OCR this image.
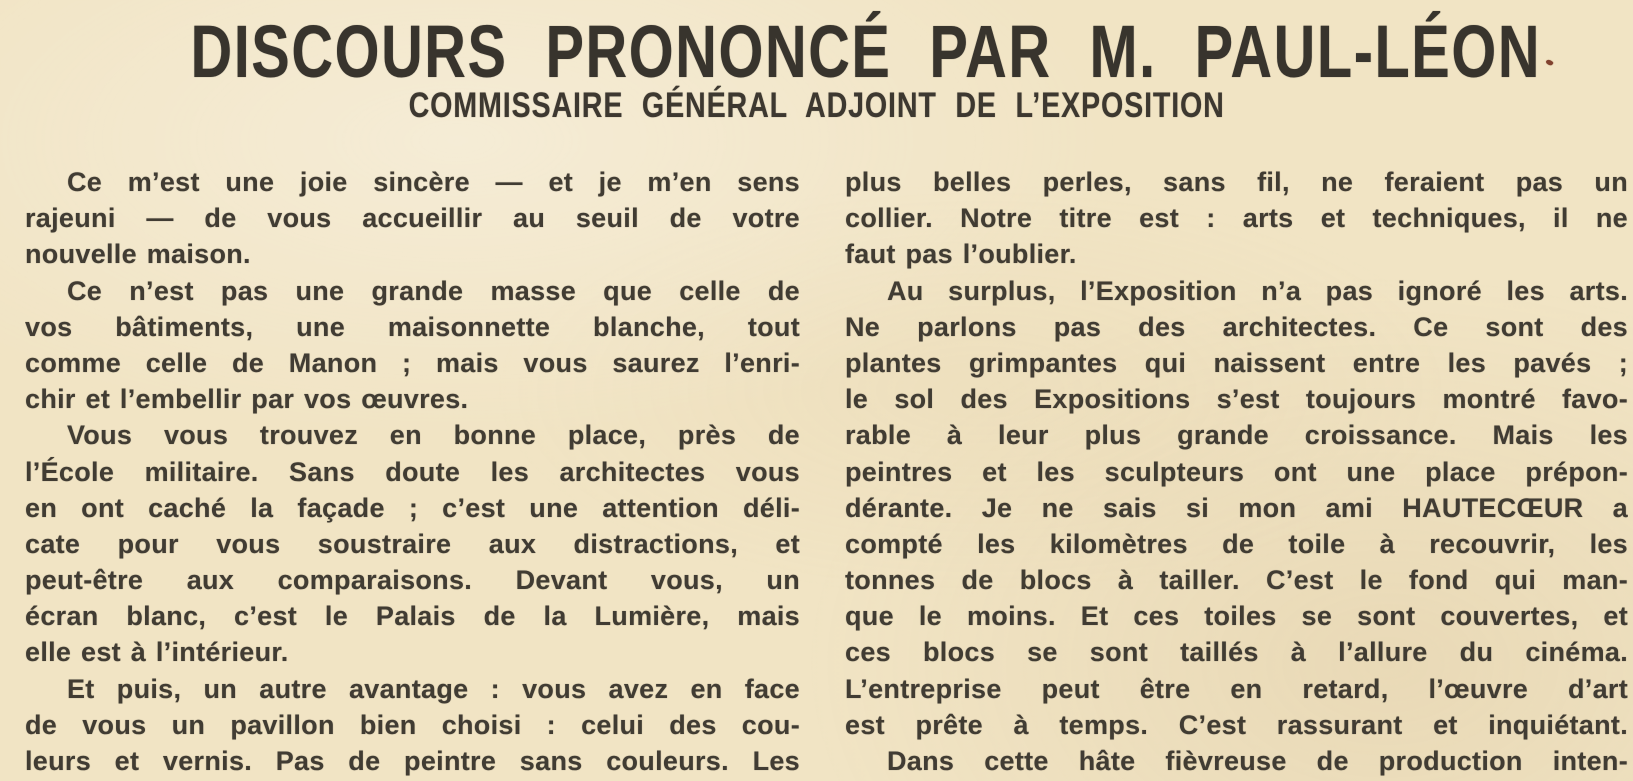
DISCOURS PRONONCÉ PAR M. PAUL-LÉON
COMMISSAIRE GÉNÉRAL ADJOINT DE L’EXPOSITION
Ce m’est une joie sincère — et je m’en sens
rajeuni — de vous accueillir au seuil de votre
nouvelle maison.
Ce n’est pas une grande masse que celle de
vos bâtiments, une maisonnette blanche, tout
comme celle de Manon ; mais vous saurez l’enri-
chir et l’embellir par vos œuvres.
Vous vous trouvez en bonne place, près de
l’École militaire. Sans doute les architectes vous
en ont caché la façade ; c’est une attention déli-
cate pour vous soustraire aux distractions, et
peut-être aux comparaisons. Devant vous, un
écran blanc, c’est le Palais de la Lumière, mais
elle est à l’intérieur.
Et puis, un autre avantage : vous avez en face
de vous un pavillon bien choisi : celui des cou-
leurs et vernis. Pas de peintre sans couleurs. Les
plus belles perles, sans fil, ne feraient pas un
collier. Notre titre est : arts et techniques, il ne
faut pas l’oublier.
Au surplus, l’Exposition n’a pas ignoré les arts.
Ne parlons pas des architectes. Ce sont des
plantes grimpantes qui naissent entre les pavés ;
le sol des Expositions s’est toujours montré favo-
rable à leur plus grande croissance. Mais les
peintres et les sculpteurs ont une place prépon-
dérante. Je ne sais si mon ami HAUTECŒUR a
compté les kilomètres de toile à recouvrir, les
tonnes de blocs à tailler. C’est le fond qui man-
que le moins. Et ces toiles se sont couvertes, et
ces blocs se sont taillés à l’allure du cinéma.
L’entreprise peut être en retard, l’œuvre d’art
est prête à temps. C’est rassurant et inquiétant.
Dans cette hâte fièvreuse de production inten-
